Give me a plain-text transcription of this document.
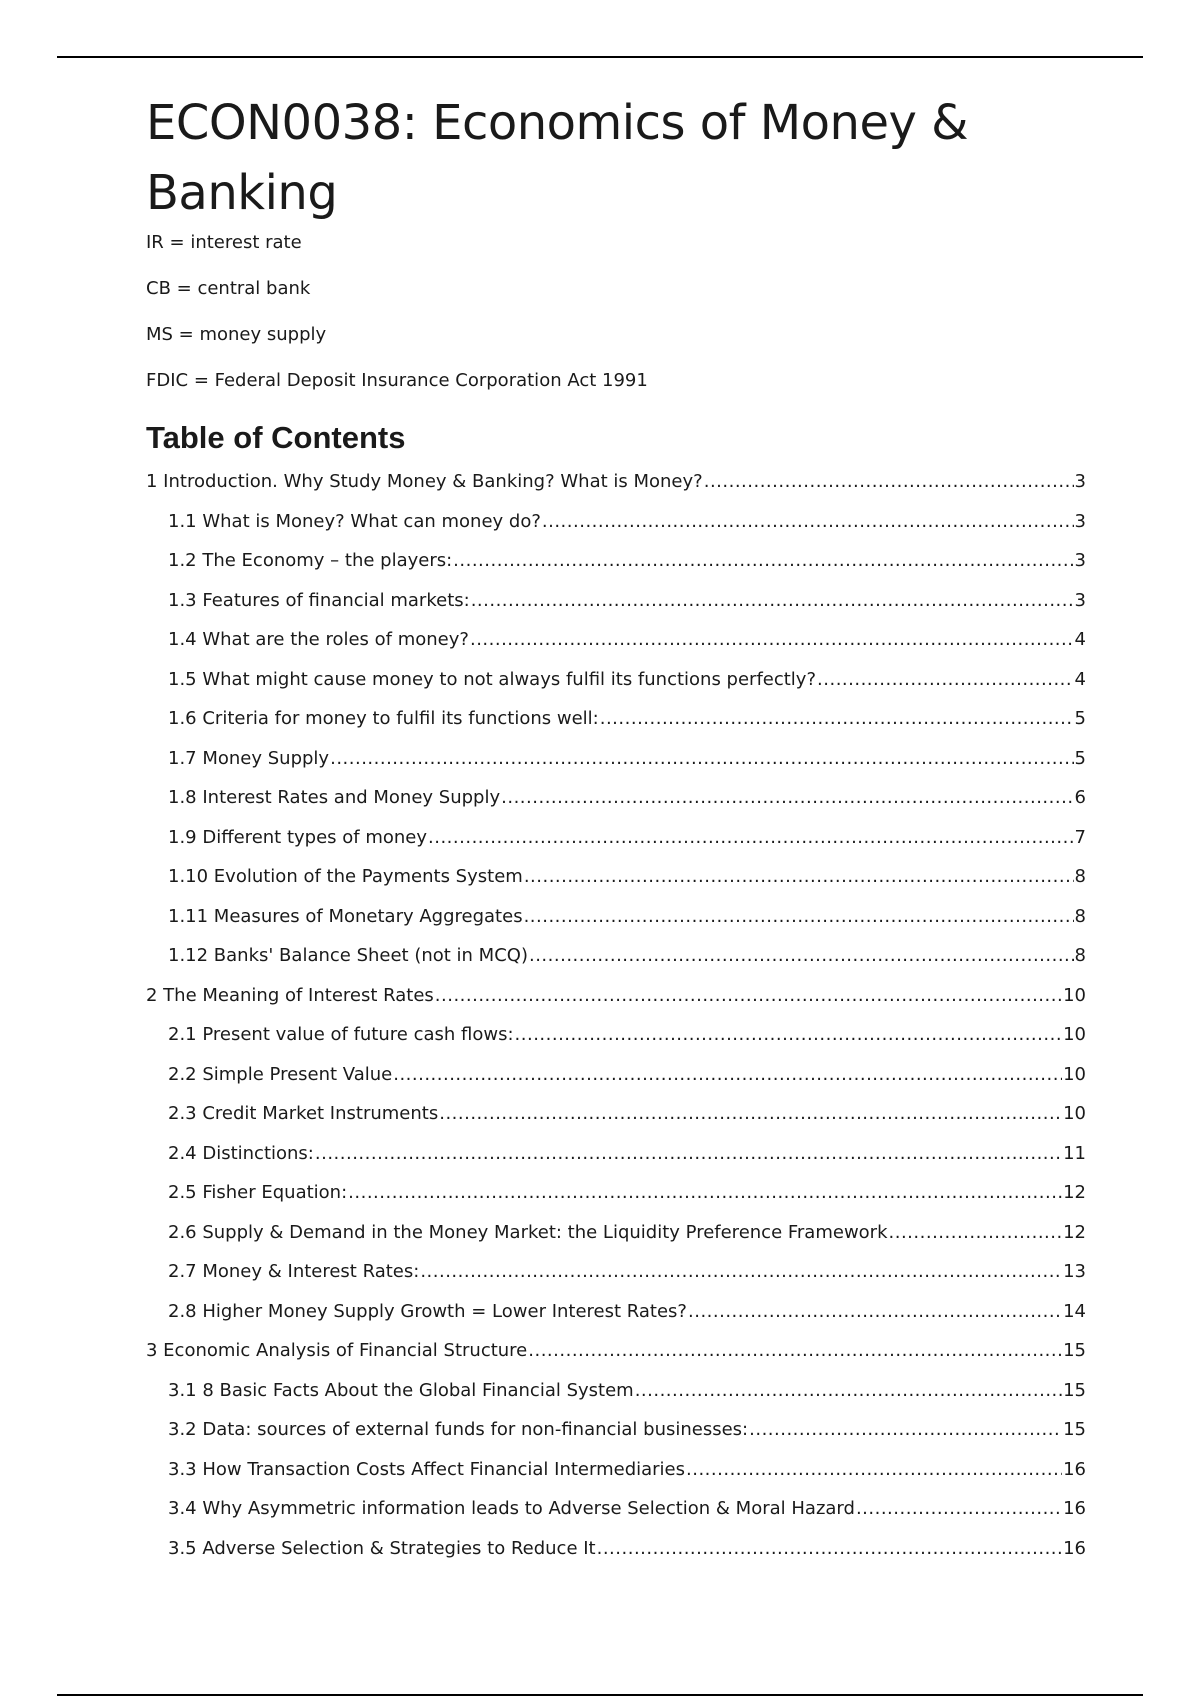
ECON0038: Economics of Money & Banking

IR = interest rate

CB = central bank

MS = money supply

FDIC = Federal Deposit Insurance Corporation Act 1991

Table of Contents
1 Introduction. Why Study Money & Banking? What is Money? .....	3
1.1 What is Money? What can money do? .....	3
1.2 The Economy – the players: .....	3
1.3 Features of financial markets: .....	3
1.4 What are the roles of money? .....	4
1.5 What might cause money to not always fulfil its functions perfectly? .....	4
1.6 Criteria for money to fulfil its functions well: .....	5
1.7 Money Supply .....	5
1.8 Interest Rates and Money Supply .....	6
1.9 Different types of money .....	7
1.10 Evolution of the Payments System .....	8
1.11 Measures of Monetary Aggregates .....	8
1.12 Banks' Balance Sheet (not in MCQ) .....	8
2 The Meaning of Interest Rates .....	10
2.1 Present value of future cash flows: .....	10
2.2 Simple Present Value .....	10
2.3 Credit Market Instruments .....	10
2.4 Distinctions: .....	11
2.5 Fisher Equation: .....	12
2.6 Supply & Demand in the Money Market: the Liquidity Preference Framework .....	12
2.7 Money & Interest Rates: .....	13
2.8 Higher Money Supply Growth = Lower Interest Rates? .....	14
3 Economic Analysis of Financial Structure .....	15
3.1 8 Basic Facts About the Global Financial System .....	15
3.2 Data: sources of external funds for non-financial businesses: .....	15
3.3 How Transaction Costs Affect Financial Intermediaries .....	16
3.4 Why Asymmetric information leads to Adverse Selection & Moral Hazard .....	16
3.5 Adverse Selection & Strategies to Reduce It .....	16
